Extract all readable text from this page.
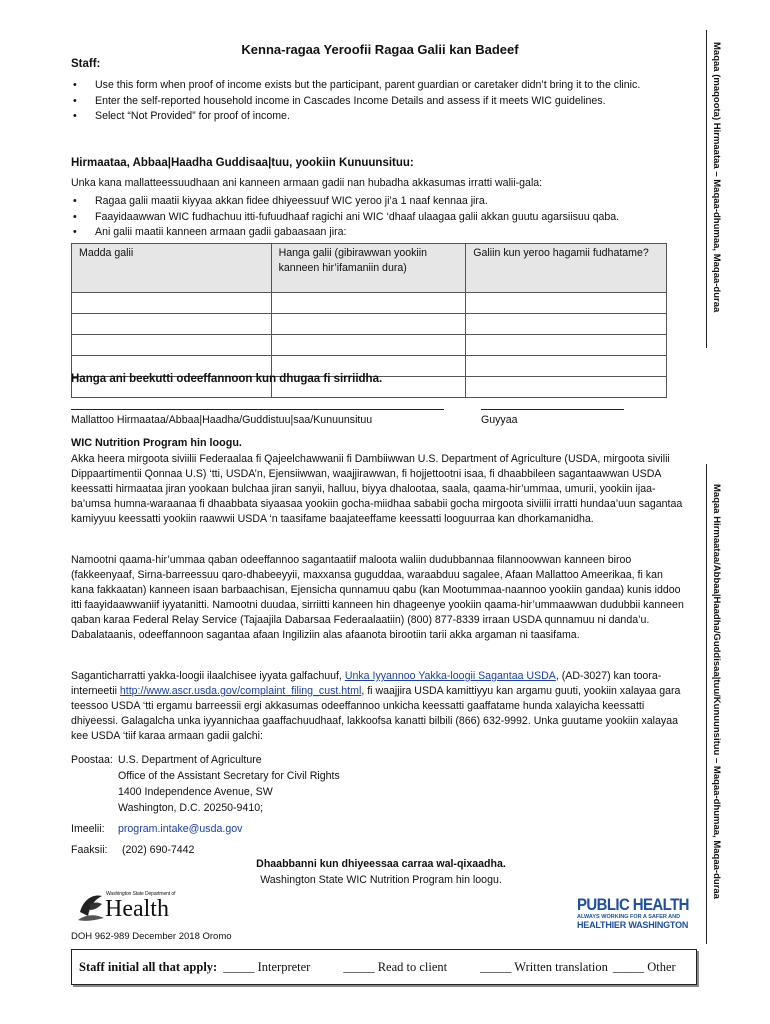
Kenna-ragaa Yeroofii Ragaa Galii kan Badeef
Staff:
• Use this form when proof of income exists but the participant, parent guardian or caretaker didn’t bring it to the clinic.
• Enter the self-reported household income in Cascades Income Details and assess if it meets WIC guidelines.
• Select “Not Provided” for proof of income.
Hirmaataa, Abbaa|Haadha Guddisaa|tuu, yookiin Kunuunsituu:
Unka kana mallatteessuudhaan ani kanneen armaan gadii nan hubadha akkasumas irratti walii-gala:
• Ragaa galii maatii kiyyaa akkan fidee dhiyeessuuf WIC yeroo ji’a 1 naaf kennaa jira.
• Faayidaawwan WIC fudhachuu itti-fufuudhaaf ragichi ani WIC ‘dhaaf ulaagaa galii akkan guutu agarsiisuu qaba.
• Ani galii maatii kanneen armaan gadii gabaasaan jira:
Madda galii	Hanga galii (gibirawwan yookiin kanneen hir’ifamaniin dura)	Galiin kun yeroo hagamii fudhatame?

Hanga ani beekutti odeeffannoon kun dhugaa fi sirriidha.
Mallattoo Hirmaataa/Abbaa|Haadha/Guddistuu|saa/Kunuunsituu	Guyyaa
WIC Nutrition Program hin loogu.
Akka heera mirgoota siviilii Federaalaa fi Qajeelchawwanii fi Dambiiwwan U.S. Department of Agriculture (USDA, mirgoota sivilii Dippaartimentii Qonnaa U.S) ‘tti, USDA’n, Ejensiiwwan, waajjirawwan, fi hojjettootni isaa, fi dhaabbileen sagantaawwan USDA keessatti hirmaataa jiran yookaan bulchaa jiran sanyii, halluu, biyya dhalootaa, saala, qaama-hir’ummaa, umurii, yookiin ijaa-ba’umsa humna-waraanaa fi dhaabbata siyaasaa yookiin gocha-miidhaa sababii gocha mirgoota siviilii irratti hundaa’uun sagantaa kamiyyuu keessatti yookiin raawwii USDA ‘n taasifame baajateeffame keessatti looguurraa kan dhorkamanidha.
Namootni qaama-hir’ummaa qaban odeeffannoo sagantaatiif maloota waliin dudubbannaa filannoowwan kanneen biroo (fakkeenyaaf, Sirna-barreessuu qaro-dhabeeyyii, maxxansa guguddaa, waraabduu sagalee, Afaan Mallattoo Ameerikaa, fi kan kana fakkaatan) kanneen isaan barbaachisan, Ejensicha qunnamuu qabu (kan Mootummaa-naannoo yookiin gandaa) kunis iddoo itti faayidaawwaniif iyyatanitti. Namootni duudaa, sirriitti kanneen hin dhageenye yookiin qaama-hir’ummaawwan dudubbii kanneen qaban karaa Federal Relay Service (Tajaajila Dabarsaa Federaalaatiin) (800) 877-8339 irraan USDA qunnamuu ni danda’u. Dabalataanis, odeeffannoon sagantaa afaan Ingiliziin alas afaanota birootiin tarii akka argaman ni taasifama.
Saganticharratti yakka-loogii ilaalchisee iyyata galfachuuf, Unka Iyyannoo Yakka-loogii Sagantaa USDA, (AD-3027) kan toora-interneetii http://www.ascr.usda.gov/complaint_filing_cust.html, fi waajjira USDA kamittiyyu kan argamu guuti, yookiin xalayaa gara teessoo USDA ‘tti ergamu barreessii ergi akkasumas odeeffannoo unkicha keessatti gaaffatame hunda xalayicha keessatti dhiyeessi. Galagalcha unka iyyannichaa gaaffachuudhaaf, lakkoofsa kanatti bilbili (866) 632-9992. Unka guutame yookiin xalayaa kee USDA ‘tiif karaa armaan gadii galchi:
Poostaa: U.S. Department of Agriculture
Office of the Assistant Secretary for Civil Rights
1400 Independence Avenue, SW
Washington, D.C. 20250-9410;
Imeelii: program.intake@usda.gov
Faaksii: (202) 690-7442
Dhaabbanni kun dhiyeessaa carraa wal-qixaadha.
Washington State WIC Nutrition Program hin loogu.
Washington State Department of
Health	PUBLIC HEALTH
ALWAYS WORKING FOR A SAFER AND
HEALTHIER WASHINGTON
DOH 962-989 December 2018 Oromo
Staff initial all that apply: _____ Interpreter	_____ Read to client	_____ Written translation _____ Other
Maqaa (maqoota) Hirmaataa – Maqaa-dhumaa, Maqaa-duraa
Maqaa Hirmaataa/Abbaa|Haadha/Guddisaa|tuu/Kunuunsituu – Maqaa-dhumaa, Maqaa-duraa
